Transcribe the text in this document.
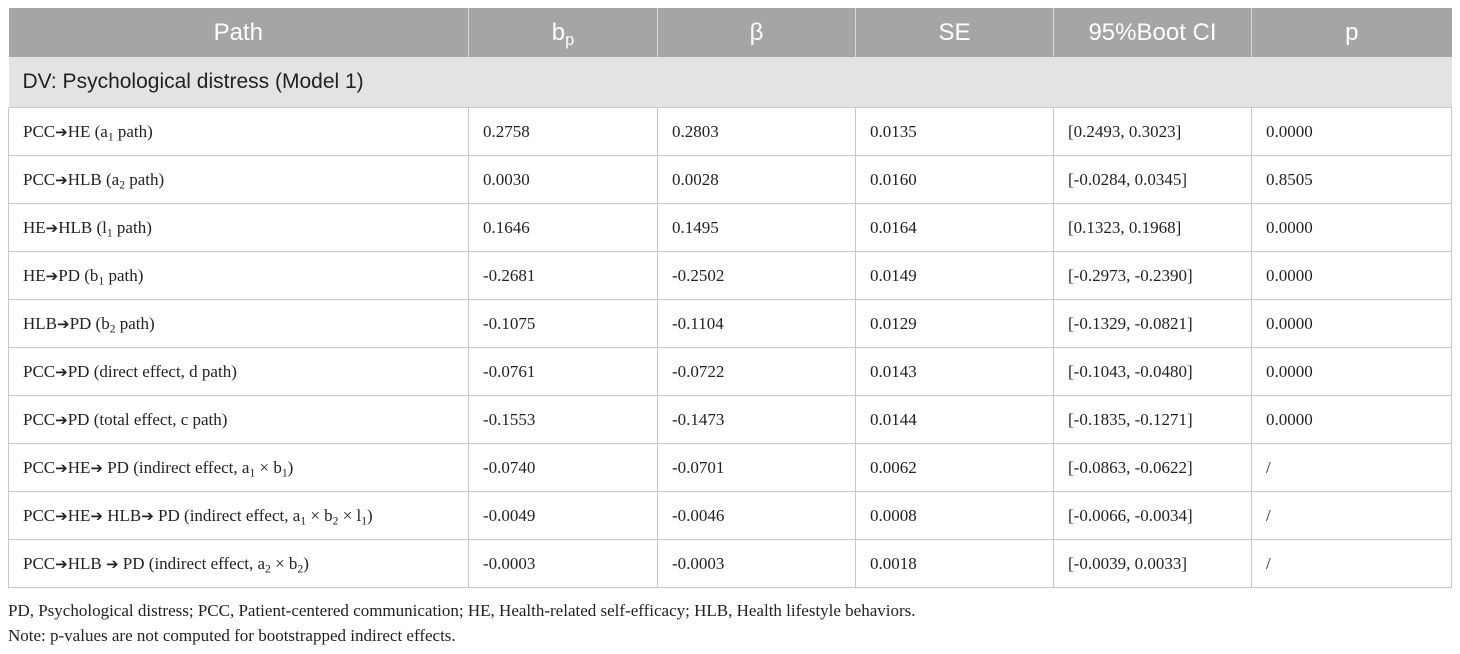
Path	$b_p$	β	SE	95%Boot CI	p
DV: Psychological distress (Model 1)					
PCC➔HE ($a_1$ path)	0.2758	0.2803	0.0135	[0.2493, 0.3023]	0.0000
PCC➔HLB ($a_2$ path)	0.0030	0.0028	0.0160	[-0.0284, 0.0345]	0.8505
HE➔HLB ($l_1$ path)	0.1646	0.1495	0.0164	[0.1323, 0.1968]	0.0000
HE➔PD ($b_1$ path)	-0.2681	-0.2502	0.0149	[-0.2973, -0.2390]	0.0000
HLB➔PD ($b_2$ path)	-0.1075	-0.1104	0.0129	[-0.1329, -0.0821]	0.0000
PCC➔PD (direct effect, d path)	-0.0761	-0.0722	0.0143	[-0.1043, -0.0480]	0.0000
PCC➔PD (total effect, c path)	-0.1553	-0.1473	0.0144	[-0.1835, -0.1271]	0.0000
PCC➔HE➔ PD (indirect effect, $a_1 \times b_1$)	-0.0740	-0.0701	0.0062	[-0.0863, -0.0622]	/
PCC➔HE➔ HLB➔ PD (indirect effect, $a_1 \times b_2 \times l_1$)	-0.0049	-0.0046	0.0008	[-0.0066, -0.0034]	/
PCC➔HLB ➔ PD (indirect effect, $a_2 \times b_2$)	-0.0003	-0.0003	0.0018	[-0.0039, 0.0033]	/
PD, Psychological distress; PCC, Patient-centered communication; HE, Health-related self-efficacy; HLB, Health lifestyle behaviors.
Note: p-values are not computed for bootstrapped indirect effects.
